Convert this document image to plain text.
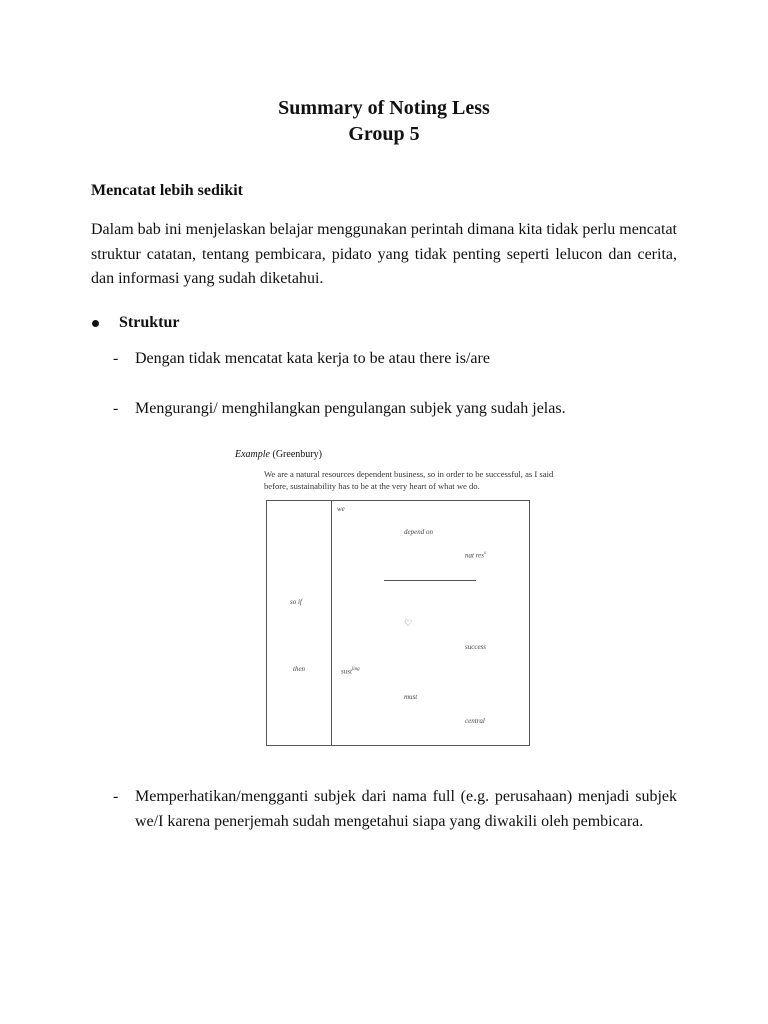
Summary of Noting Less
Group 5
Mencatat lebih sedikit
Dalam bab ini menjelaskan belajar menggunakan perintah dimana kita tidak perlu mencatat struktur catatan, tentang pembicara, pidato yang tidak penting seperti lelucon dan cerita, dan informasi yang sudah diketahui.
Struktur
-	Dengan tidak mencatat kata kerja to be atau there is/are
-	Mengurangi/ menghilangkan pengulangan subjek yang sudah jelas.
Example (Greenbury)
We are a natural resources dependent business, so in order to be successful, as I said before, sustainability has to be at the very heart of what we do.
we
depend on
nat res$^s$
so if
♡
success
then	sust$^{ling}$
must
central
-	Memperhatikan/mengganti subjek dari nama full (e.g. perusahaan) menjadi subjek we/I karena penerjemah sudah mengetahui siapa yang diwakili oleh pembicara.
